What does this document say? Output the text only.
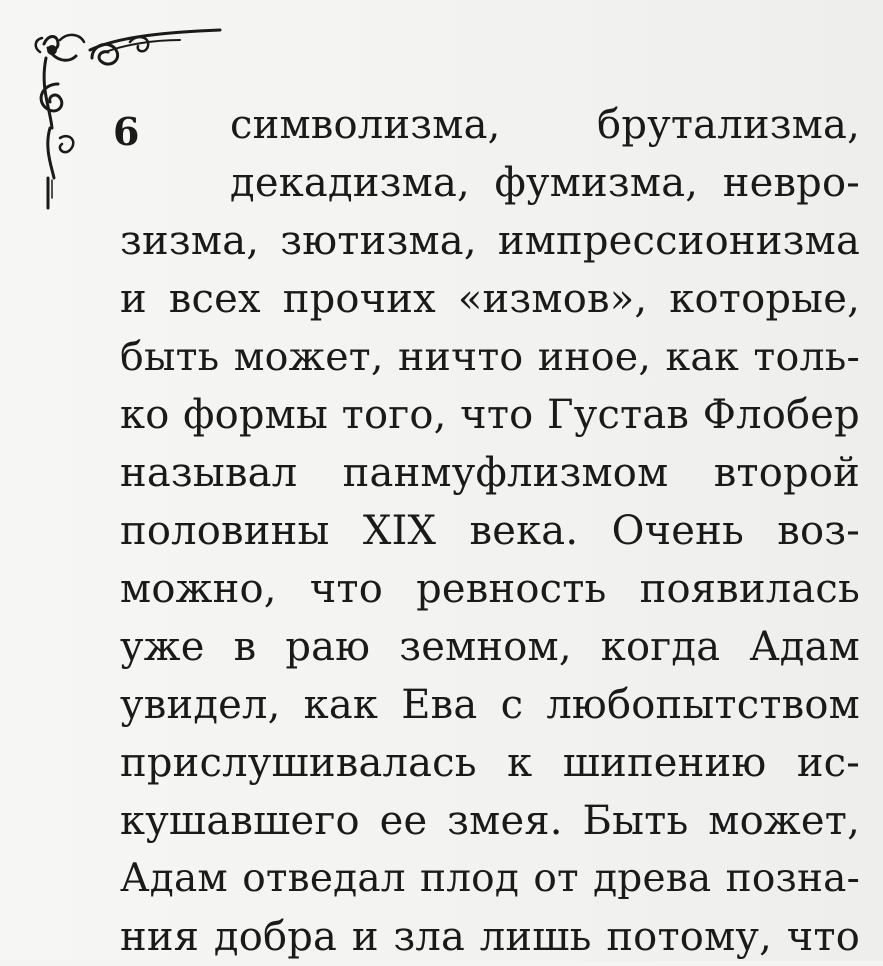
6 символизма, брутализма,
декадизма, фумизма, невро-
зизма, зютизма, импрессионизма
и всех прочих «измов», которые,
быть может, ничто иное, как толь-
ко формы того, что Густав Флобер
называл панмуфлизмом второй
половины XIX века. Очень воз-
можно, что ревность появилась
уже в раю земном, когда Адам
увидел, как Ева с любопытством
прислушивалась к шипению ис-
кушавшего ее змея. Быть может,
Адам отведал плод от древа позна-
ния добра и зла лишь потому, что
